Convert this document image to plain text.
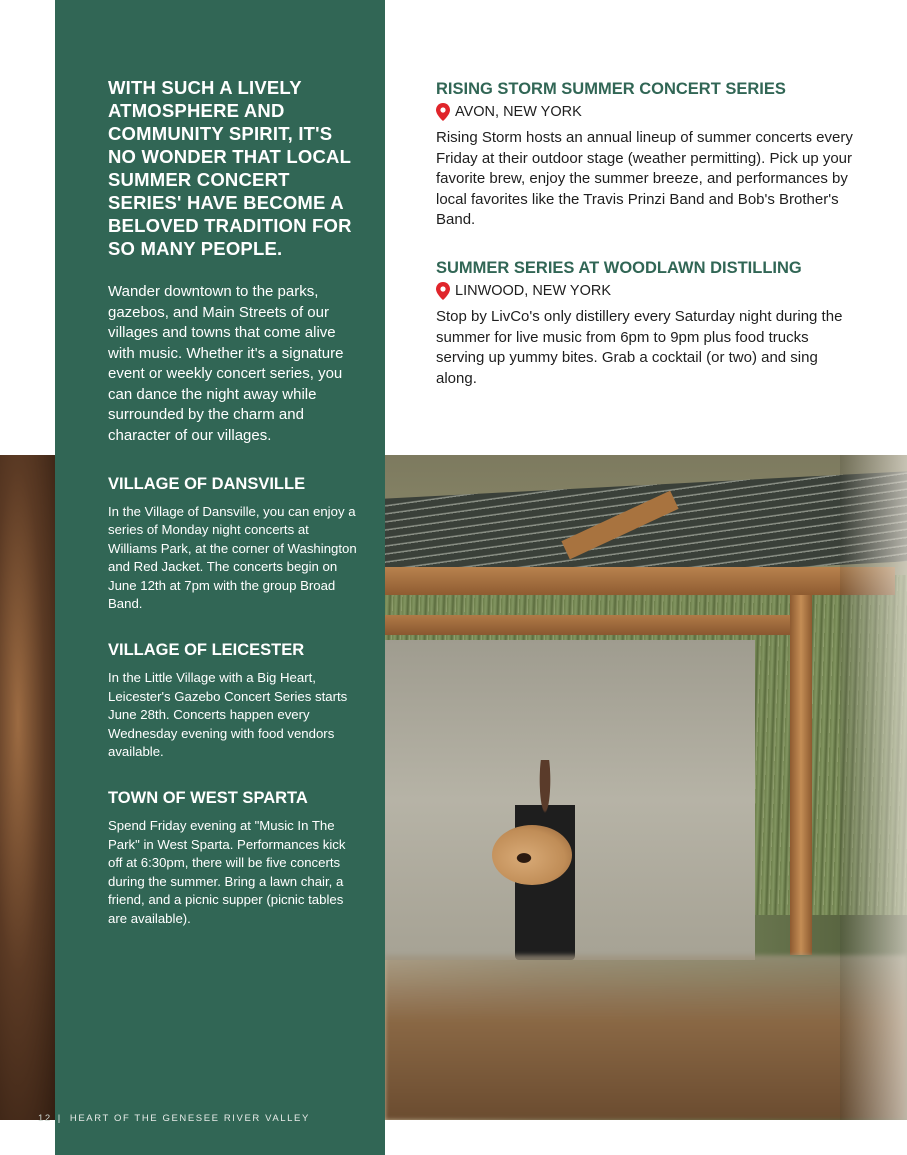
WITH SUCH A LIVELY ATMOSPHERE AND COMMUNITY SPIRIT, IT'S NO WONDER THAT LOCAL SUMMER CONCERT SERIES' HAVE BECOME A BELOVED TRADITION FOR SO MANY PEOPLE.

Wander downtown to the parks, gazebos, and Main Streets of our villages and towns that come alive with music. Whether it's a signature event or weekly concert series, you can dance the night away while surrounded by the charm and character of our villages.

VILLAGE OF DANSVILLE

In the Village of Dansville, you can enjoy a series of Monday night concerts at Williams Park, at the corner of Washington and Red Jacket. The concerts begin on June 12th at 7pm with the group Broad Band.

VILLAGE OF LEICESTER

In the Little Village with a Big Heart, Leicester's Gazebo Concert Series starts June 28th. Concerts happen every Wednesday evening with food vendors available.

TOWN OF WEST SPARTA

Spend Friday evening at "Music In The Park" in West Sparta. Performances kick off at 6:30pm, there will be five concerts during the summer. Bring a lawn chair, a friend, and a picnic supper (picnic tables are available).

12 | HEART OF THE GENESEE RIVER VALLEY

RISING STORM SUMMER CONCERT SERIES

AVON, NEW YORK

Rising Storm hosts an annual lineup of summer concerts every Friday at their outdoor stage (weather permitting). Pick up your favorite brew, enjoy the summer breeze, and performances by local favorites like the Travis Prinzi Band and Bob's Brother's Band.

SUMMER SERIES AT WOODLAWN DISTILLING

LINWOOD, NEW YORK

Stop by LivCo's only distillery every Saturday night during the summer for live music from 6pm to 9pm plus food trucks serving up yummy bites. Grab a cocktail (or two) and sing along.
